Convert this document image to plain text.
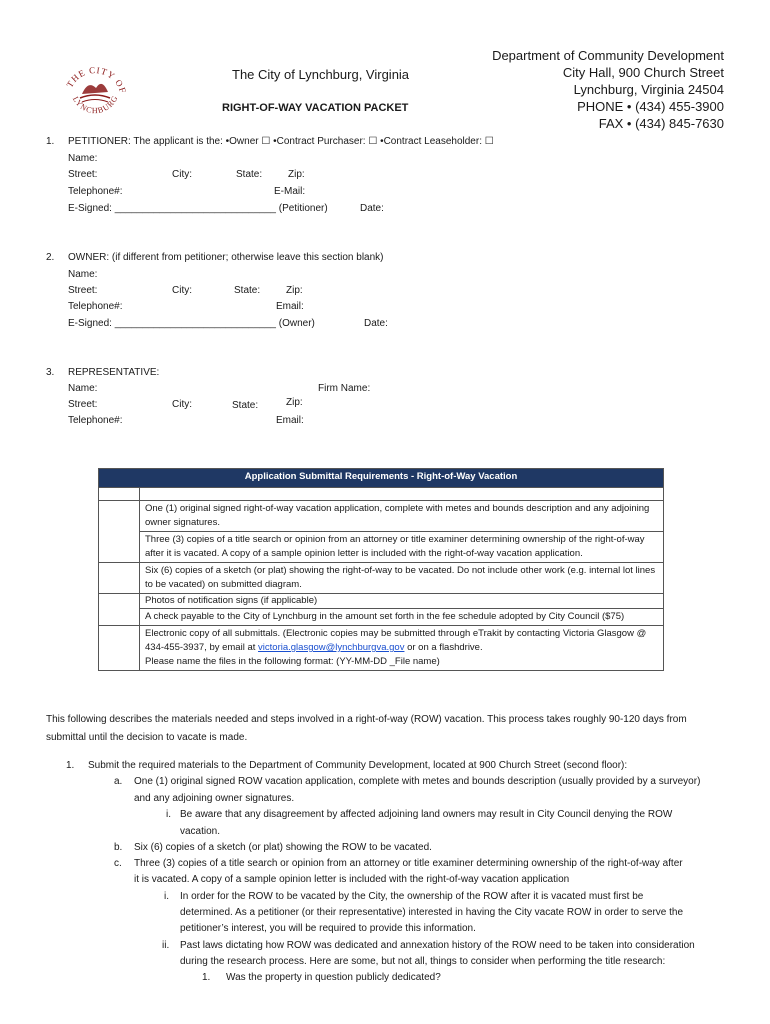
THE CITY OF
LYNCHBURG
The City of Lynchburg, Virginia
RIGHT-OF-WAY VACATION PACKET
Department of Community Development
City Hall, 900 Church Street
Lynchburg, Virginia 24504
PHONE • (434) 455-3900
FAX • (434) 845-7630
1. PETITIONER: The applicant is the: •Owner ☐ •Contract Purchaser: ☐ •Contract Leaseholder: ☐
Name:
Street:	City:	State:	Zip:
Telephone#:	E-Mail:
E-Signed: _____________________________ (Petitioner)	Date:
2. OWNER: (if different from petitioner; otherwise leave this section blank)
Name:
Street:	City:	State:	Zip:
Telephone#:	Email:
E-Signed: _____________________________ (Owner)	Date:
3. REPRESENTATIVE:
Name:	Firm Name:
Street:	City:	State:	Zip:
Telephone#:	Email:
Application Submittal Requirements - Right-of-Way Vacation	

	One (1) original signed right-of-way vacation application, complete with metes and bounds description and any adjoining owner signatures.
	Three (3) copies of a title search or opinion from an attorney or title examiner determining ownership of the right-of-way after it is vacated. A copy of a sample opinion letter is included with the right-of-way vacation application.
	Six (6) copies of a sketch (or plat) showing the right-of-way to be vacated. Do not include other work (e.g. internal lot lines to be vacated) on submitted diagram.
	Photos of notification signs (if applicable)
	A check payable to the City of Lynchburg in the amount set forth in the fee schedule adopted by City Council ($75)
	Electronic copy of all submittals. (Electronic copies may be submitted through eTrakit by contacting Victoria Glasgow @ 434-455-3937, by email at victoria.glasgow@lynchburgva.gov or on a flashdrive.
Please name the files in the following format: (YY-MM-DD _File name)
This following describes the materials needed and steps involved in a right-of-way (ROW) vacation. This process takes roughly 90-120 days from
submittal until the decision to vacate is made.
1. Submit the required materials to the Department of Community Development, located at 900 Church Street (second floor):
a. One (1) original signed ROW vacation application, complete with metes and bounds description (usually provided by a surveyor)
and any adjoining owner signatures.
i. Be aware that any disagreement by affected adjoining land owners may result in City Council denying the ROW
vacation.
b. Six (6) copies of a sketch (or plat) showing the ROW to be vacated.
c. Three (3) copies of a title search or opinion from an attorney or title examiner determining ownership of the right-of-way after
it is vacated. A copy of a sample opinion letter is included with the right-of-way vacation application
i. In order for the ROW to be vacated by the City, the ownership of the ROW after it is vacated must first be
determined. As a petitioner (or their representative) interested in having the City vacate ROW in order to serve the
petitioner’s interest, you will be required to provide this information.
ii. Past laws dictating how ROW was dedicated and annexation history of the ROW need to be taken into consideration
during the research process. Here are some, but not all, things to consider when performing the title research:
1. Was the property in question publicly dedicated?
